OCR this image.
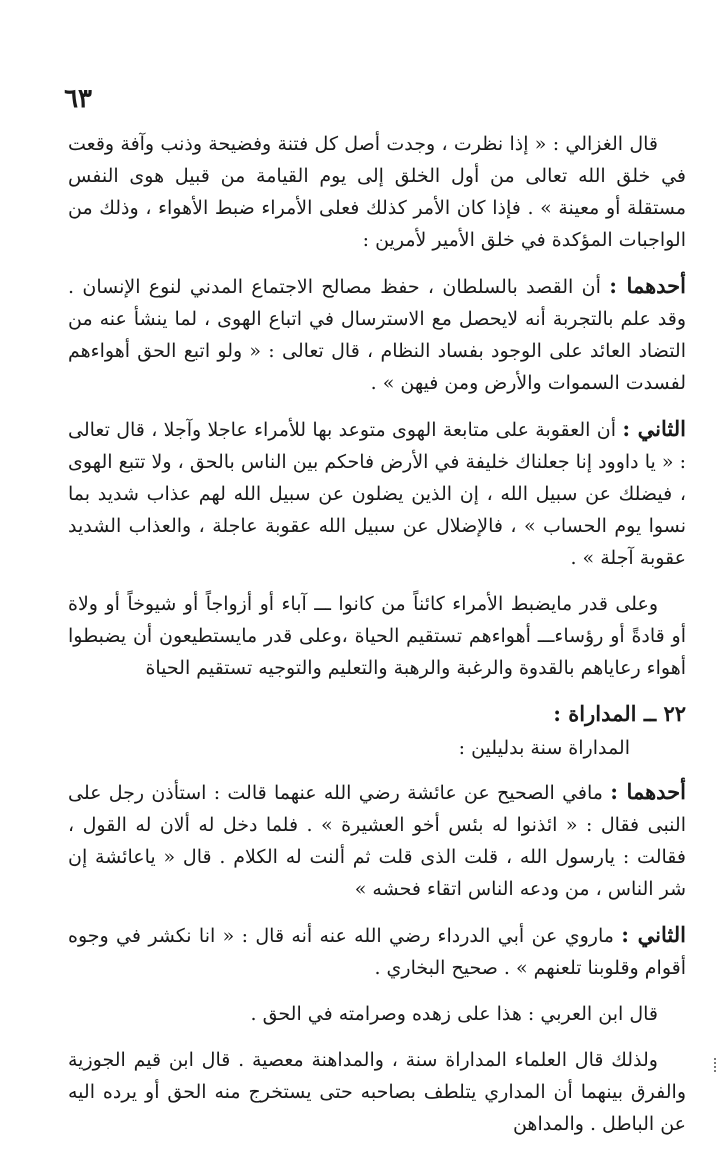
٦٣

قال الغزالي : « إذا نظرت ، وجدت أصل كل فتنة وفضيحة وذنب وآفة وقعت في خلق الله تعالى من أول الخلق إلى يوم القيامة من قبيل هوى النفس مستقلة أو معينة » . فإذا كان الأمر كذلك فعلى الأمراء ضبط الأهواء ، وذلك من الواجبات المؤكدة في خلق الأمير لأمرين :

أحدهما : أن القصد بالسلطان ، حفظ مصالح الاجتماع المدني لنوع الإنسان . وقد علم بالتجربة أنه لايحصل مع الاسترسال في اتباع الهوى ، لما ينشأ عنه من التضاد العائد على الوجود بفساد النظام ، قال تعالى : « ولو اتبع الحق أهواءهم لفسدت السموات والأرض ومن فيهن » .

الثاني : أن العقوبة على متابعة الهوى متوعد بها للأمراء عاجلا وآجلا ، قال تعالى : « يا داوود إنا جعلناك خليفة في الأرض فاحكم بين الناس بالحق ، ولا تتبع الهوى ، فيضلك عن سبيل الله ، إن الذين يضلون عن سبيل الله لهم عذاب شديد بما نسوا يوم الحساب » ، فالإضلال عن سبيل الله عقوبة عاجلة ، والعذاب الشديد عقوبة آجلة » .

وعلى قدر مايضبط الأمراء كائناً من كانوا ـــ آباء أو أزواجاً أو شيوخاً أو ولاة أو قادةً أو رؤساءـــ أهواءهم تستقيم الحياة ،وعلى قدر مايستطيعون أن يضبطوا أهواء رعاياهم بالقدوة والرغبة والرهبة والتعليم والتوجيه تستقيم الحياة

٢٢ ــ المداراة :

المداراة سنة بدليلين :

أحدهما : مافي الصحيح عن عائشة رضي الله عنهما قالت : استأذن رجل على النبى فقال : « ائذنوا له بئس أخو العشيرة » . فلما دخل له ألان له القول ، فقالت : يارسول الله ، قلت الذى قلت ثم ألنت له الكلام . قال « ياعائشة إن شر الناس ، من ودعه الناس اتقاء فحشه »

الثاني : ماروي عن أبي الدرداء رضي الله عنه أنه قال : « انا نكشر في وجوه أقوام وقلوبنا تلعنهم » . صحيح البخاري .

قال ابن العربي : هذا على زهده وصرامته في الحق .

ولذلك قال العلماء المداراة سنة ، والمداهنة معصية . قال ابن قيم الجوزية والفرق بينهما أن المداري يتلطف بصاحبه حتى يستخرج منه الحق أو يرده اليه عن الباطل . والمداهن
